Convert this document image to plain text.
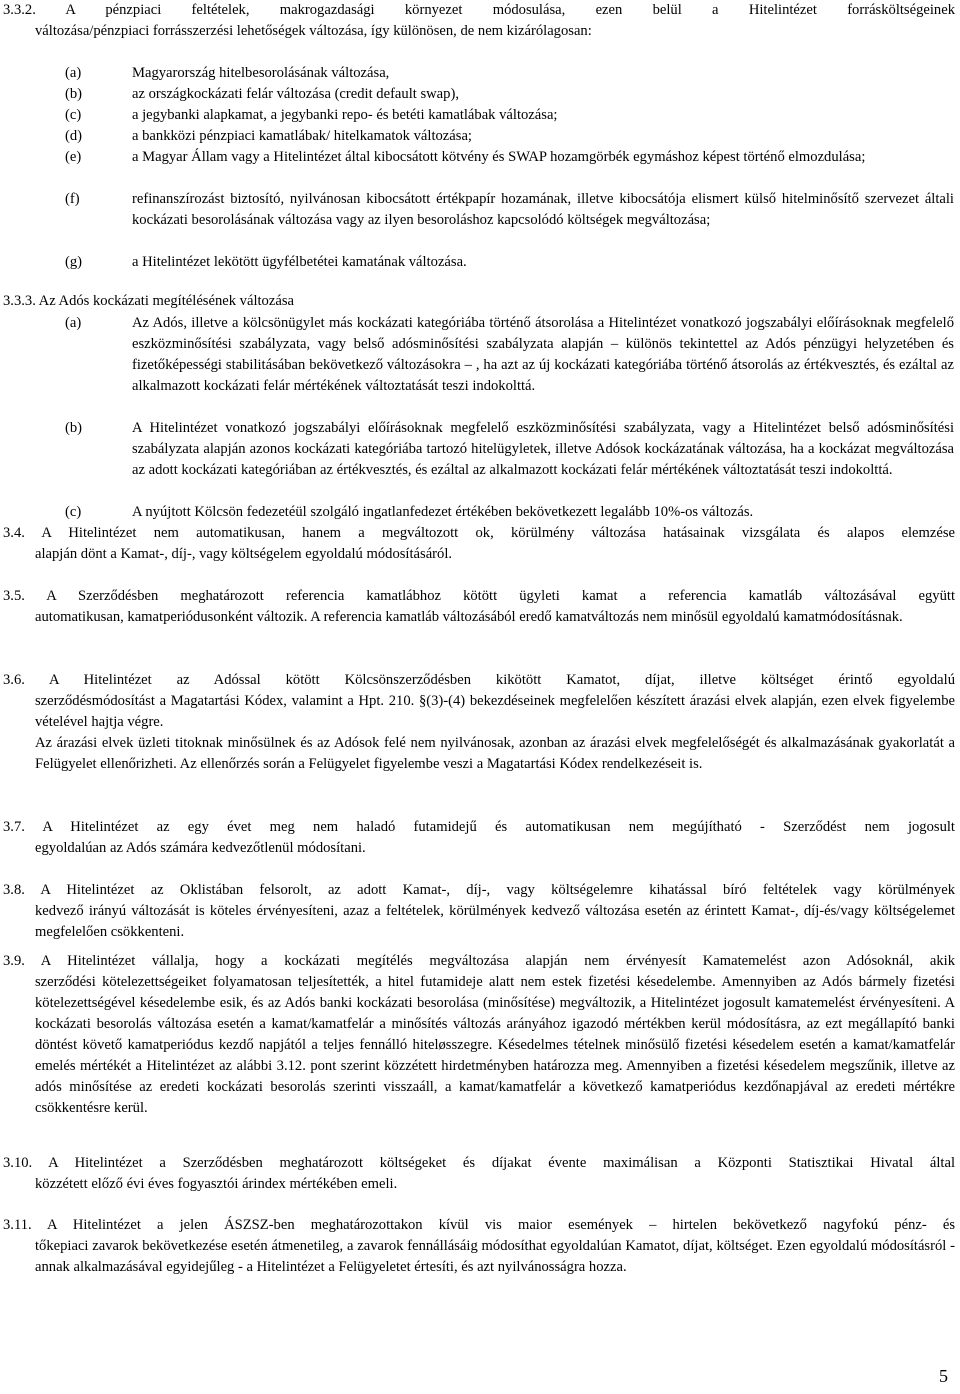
3.3.2. A pénzpiaci feltételek, makrogazdasági környezet módosulása, ezen belül a Hitelintézet forrásköltségeinek

változása/pénzpiaci forrásszerzési lehetőségek változása, így különösen, de nem kizárólagosan:

(a)	Magyarország hitelbesorolásának változása,

(b)	az országkockázati felár változása (credit default swap),

(c)	a jegybanki alapkamat, a jegybanki repo- és betéti kamatlábak változása;

(d)	a bankközi pénzpiaci kamatlábak/ hitelkamatok változása;

(e)	a Magyar Állam vagy a Hitelintézet által kibocsátott kötvény és SWAP hozamgörbék egymáshoz képest történő elmozdulása;

(f)	refinanszírozást biztosító, nyilvánosan kibocsátott értékpapír hozamának, illetve kibocsátója elismert külső hitelminősítő szervezet általi kockázati besorolásának változása vagy az ilyen besoroláshoz kapcsolódó költségek megváltozása;

(g)	a Hitelintézet lekötött ügyfélbetétei kamatának változása.

3.3.3. Az Adós kockázati megítélésének változása

(a)	Az Adós, illetve a kölcsönügylet más kockázati kategóriába történő átsorolása a Hitelintézet vonatkozó jogszabályi előírásoknak megfelelő eszközminősítési szabályzata, vagy belső adósminősítési szabályzata alapján – különös tekintettel az Adós pénzügyi helyzetében és fizetőképességi stabilitásában bekövetkező változásokra – , ha azt az új kockázati kategóriába történő átsorolás az értékvesztés, és ezáltal az alkalmazott kockázati felár mértékének változtatását teszi indokolttá.

(b)	A Hitelintézet vonatkozó jogszabályi előírásoknak megfelelő eszközminősítési szabályzata, vagy a Hitelintézet belső adósminősítési szabályzata alapján azonos kockázati kategóriába tartozó hitelügyletek, illetve Adósok kockázatának változása, ha a kockázat megváltozása az adott kockázati kategóriában az értékvesztés, és ezáltal az alkalmazott kockázati felár mértékének változtatását teszi indokolttá.

(c)	A nyújtott Kölcsön fedezetéül szolgáló ingatlanfedezet értékében bekövetkezett legalább 10%-os változás.

3.4. A Hitelintézet nem automatikusan, hanem a megváltozott ok, körülmény változása hatásainak vizsgálata és alapos elemzése

alapján dönt a Kamat-, díj-, vagy költségelem egyoldalú módosításáról.

3.5. A Szerződésben meghatározott referencia kamatlábhoz kötött ügyleti kamat a referencia kamatláb változásával együtt

automatikusan, kamatperiódusonként változik. A referencia kamatláb változásából eredő kamatváltozás nem minősül egyoldalú kamatmódosításnak.

3.6. A Hitelintézet az Adóssal kötött Kölcsönszerződésben kikötött Kamatot, díjat, illetve költséget érintő egyoldalú

szerződésmódosítást a Magatartási Kódex, valamint a Hpt. 210. §(3)-(4) bekezdéseinek megfelelően készített árazási elvek alapján, ezen elvek figyelembe vételével hajtja végre.

Az árazási elvek üzleti titoknak minősülnek és az Adósok felé nem nyilvánosak, azonban az árazási elvek megfelelőségét és alkalmazásának gyakorlatát a Felügyelet ellenőrizheti. Az ellenőrzés során a Felügyelet figyelembe veszi a Magatartási Kódex rendelkezéseit is.

3.7. A Hitelintézet az egy évet meg nem haladó futamidejű és automatikusan nem megújítható - Szerződést nem jogosult

egyoldalúan az Adós számára kedvezőtlenül módosítani.

3.8. A Hitelintézet az Oklistában felsorolt, az adott Kamat-, díj-, vagy költségelemre kihatással bíró feltételek vagy körülmények

kedvező irányú változását is köteles érvényesíteni, azaz a feltételek, körülmények kedvező változása esetén az érintett Kamat-, díj-és/vagy költségelemet megfelelően csökkenteni.

3.9. A Hitelintézet vállalja, hogy a kockázati megítélés megváltozása alapján nem érvényesít Kamatemelést azon Adósoknál, akik

szerződési kötelezettségeiket folyamatosan teljesítették, a hitel futamideje alatt nem estek fizetési késedelembe. Amennyiben az Adós bármely fizetési kötelezettségével késedelembe esik, és az Adós banki kockázati besorolása (minősítése) megváltozik, a Hitelintézet jogosult kamatemelést érvényesíteni. A kockázati besorolás változása esetén a kamat/kamatfelár a minősítés változás arányához igazodó mértékben kerül módosításra, az ezt megállapító banki döntést követő kamatperiódus kezdő napjától a teljes fennálló hiteløsszegre. Késedelmes tételnek minősülő fizetési késedelem esetén a kamat/kamatfelár emelés mértékét a Hitelintézet az alábbi 3.12. pont szerint közzétett hirdetményben határozza meg. Amennyiben a fizetési késedelem megszűnik, illetve az adós minősítése az eredeti kockázati besorolás szerinti visszaáll, a kamat/kamatfelár a következő kamatperiódus kezdőnapjával az eredeti mértékre csökkentésre kerül.

3.10. A Hitelintézet a Szerződésben meghatározott költségeket és díjakat évente maximálisan a Központi Statisztikai Hivatal által

közzétett előző évi éves fogyasztói árindex mértékében emeli.

3.11. A Hitelintézet a jelen ÁSZSZ-ben meghatározottakon kívül vis maior események – hirtelen bekövetkező nagyfokú pénz- és

tőkepiaci zavarok bekövetkezése esetén átmenetileg, a zavarok fennállásáig módosíthat egyoldalúan Kamatot, díjat, költséget. Ezen egyoldalú módosításról - annak alkalmazásával egyidejűleg - a Hitelintézet a Felügyeletet értesíti, és azt nyilvánosságra hozza.

5
